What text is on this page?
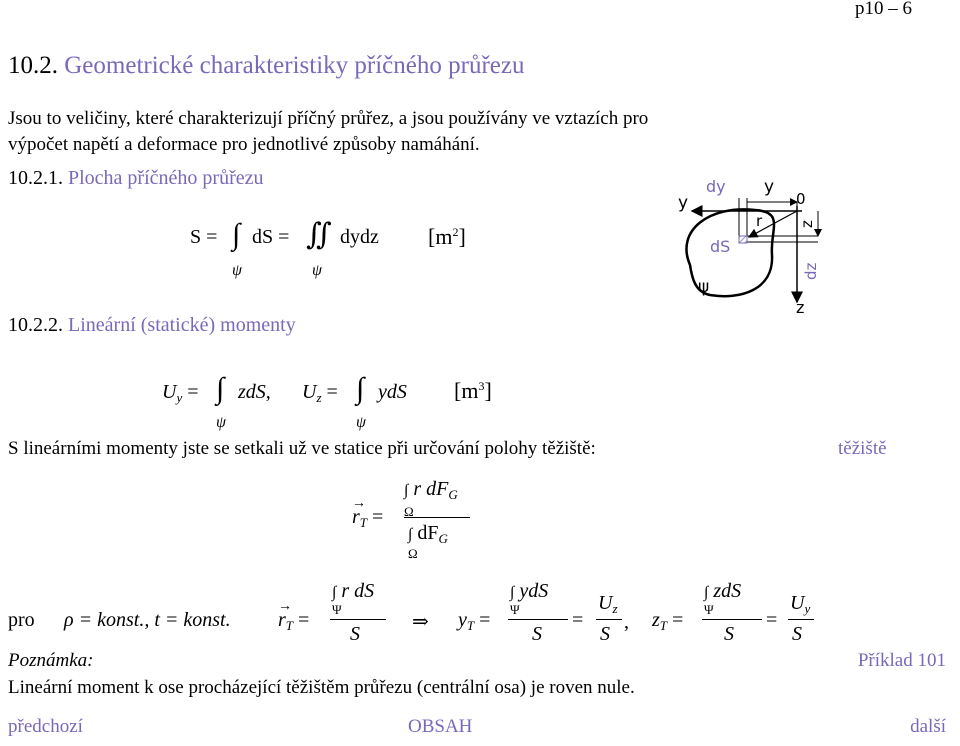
p10 – 6
10.2. Geometrické charakteristiky příčného průřezu
Jsou to veličiny, které charakterizují příčný průřez, a jsou používány ve vztazích pro
výpočet napětí a deformace pro jednotlivé způsoby namáhání.
10.2.1. Plocha příčného průřezu
S = ∫
ψ
dS = ∬
ψ
dydz $[m^2]$
10.2.2. Lineární (statické) momenty
$U_y$ = ∫
ψ
zdS, $U_z$ = ∫
ψ
ydS $[m^3]$
S lineárními momenty jste se setkali už ve statice při určování polohy těžiště:	těžiště
$r_T$ =
→
∫ r $dF_G$
Ω
∫ $dF_G$
Ω
pro ρ = konst., t = konst. $r_T$ =
→
∫ r dS
Ψ
S
⇒ $y_T$ =
∫ ydS
Ψ
S
=
$U_z$
S
, $z_T$ =
∫ zdS
Ψ
S
=
$U_y$
S
Poznámka:	Příklad 101
Lineární moment k ose procházející těžištěm průřezu (centrální osa) je roven nule.
předchozí	OBSAH	další
y
dy y
0
dS
r z
ψ
dz
z
